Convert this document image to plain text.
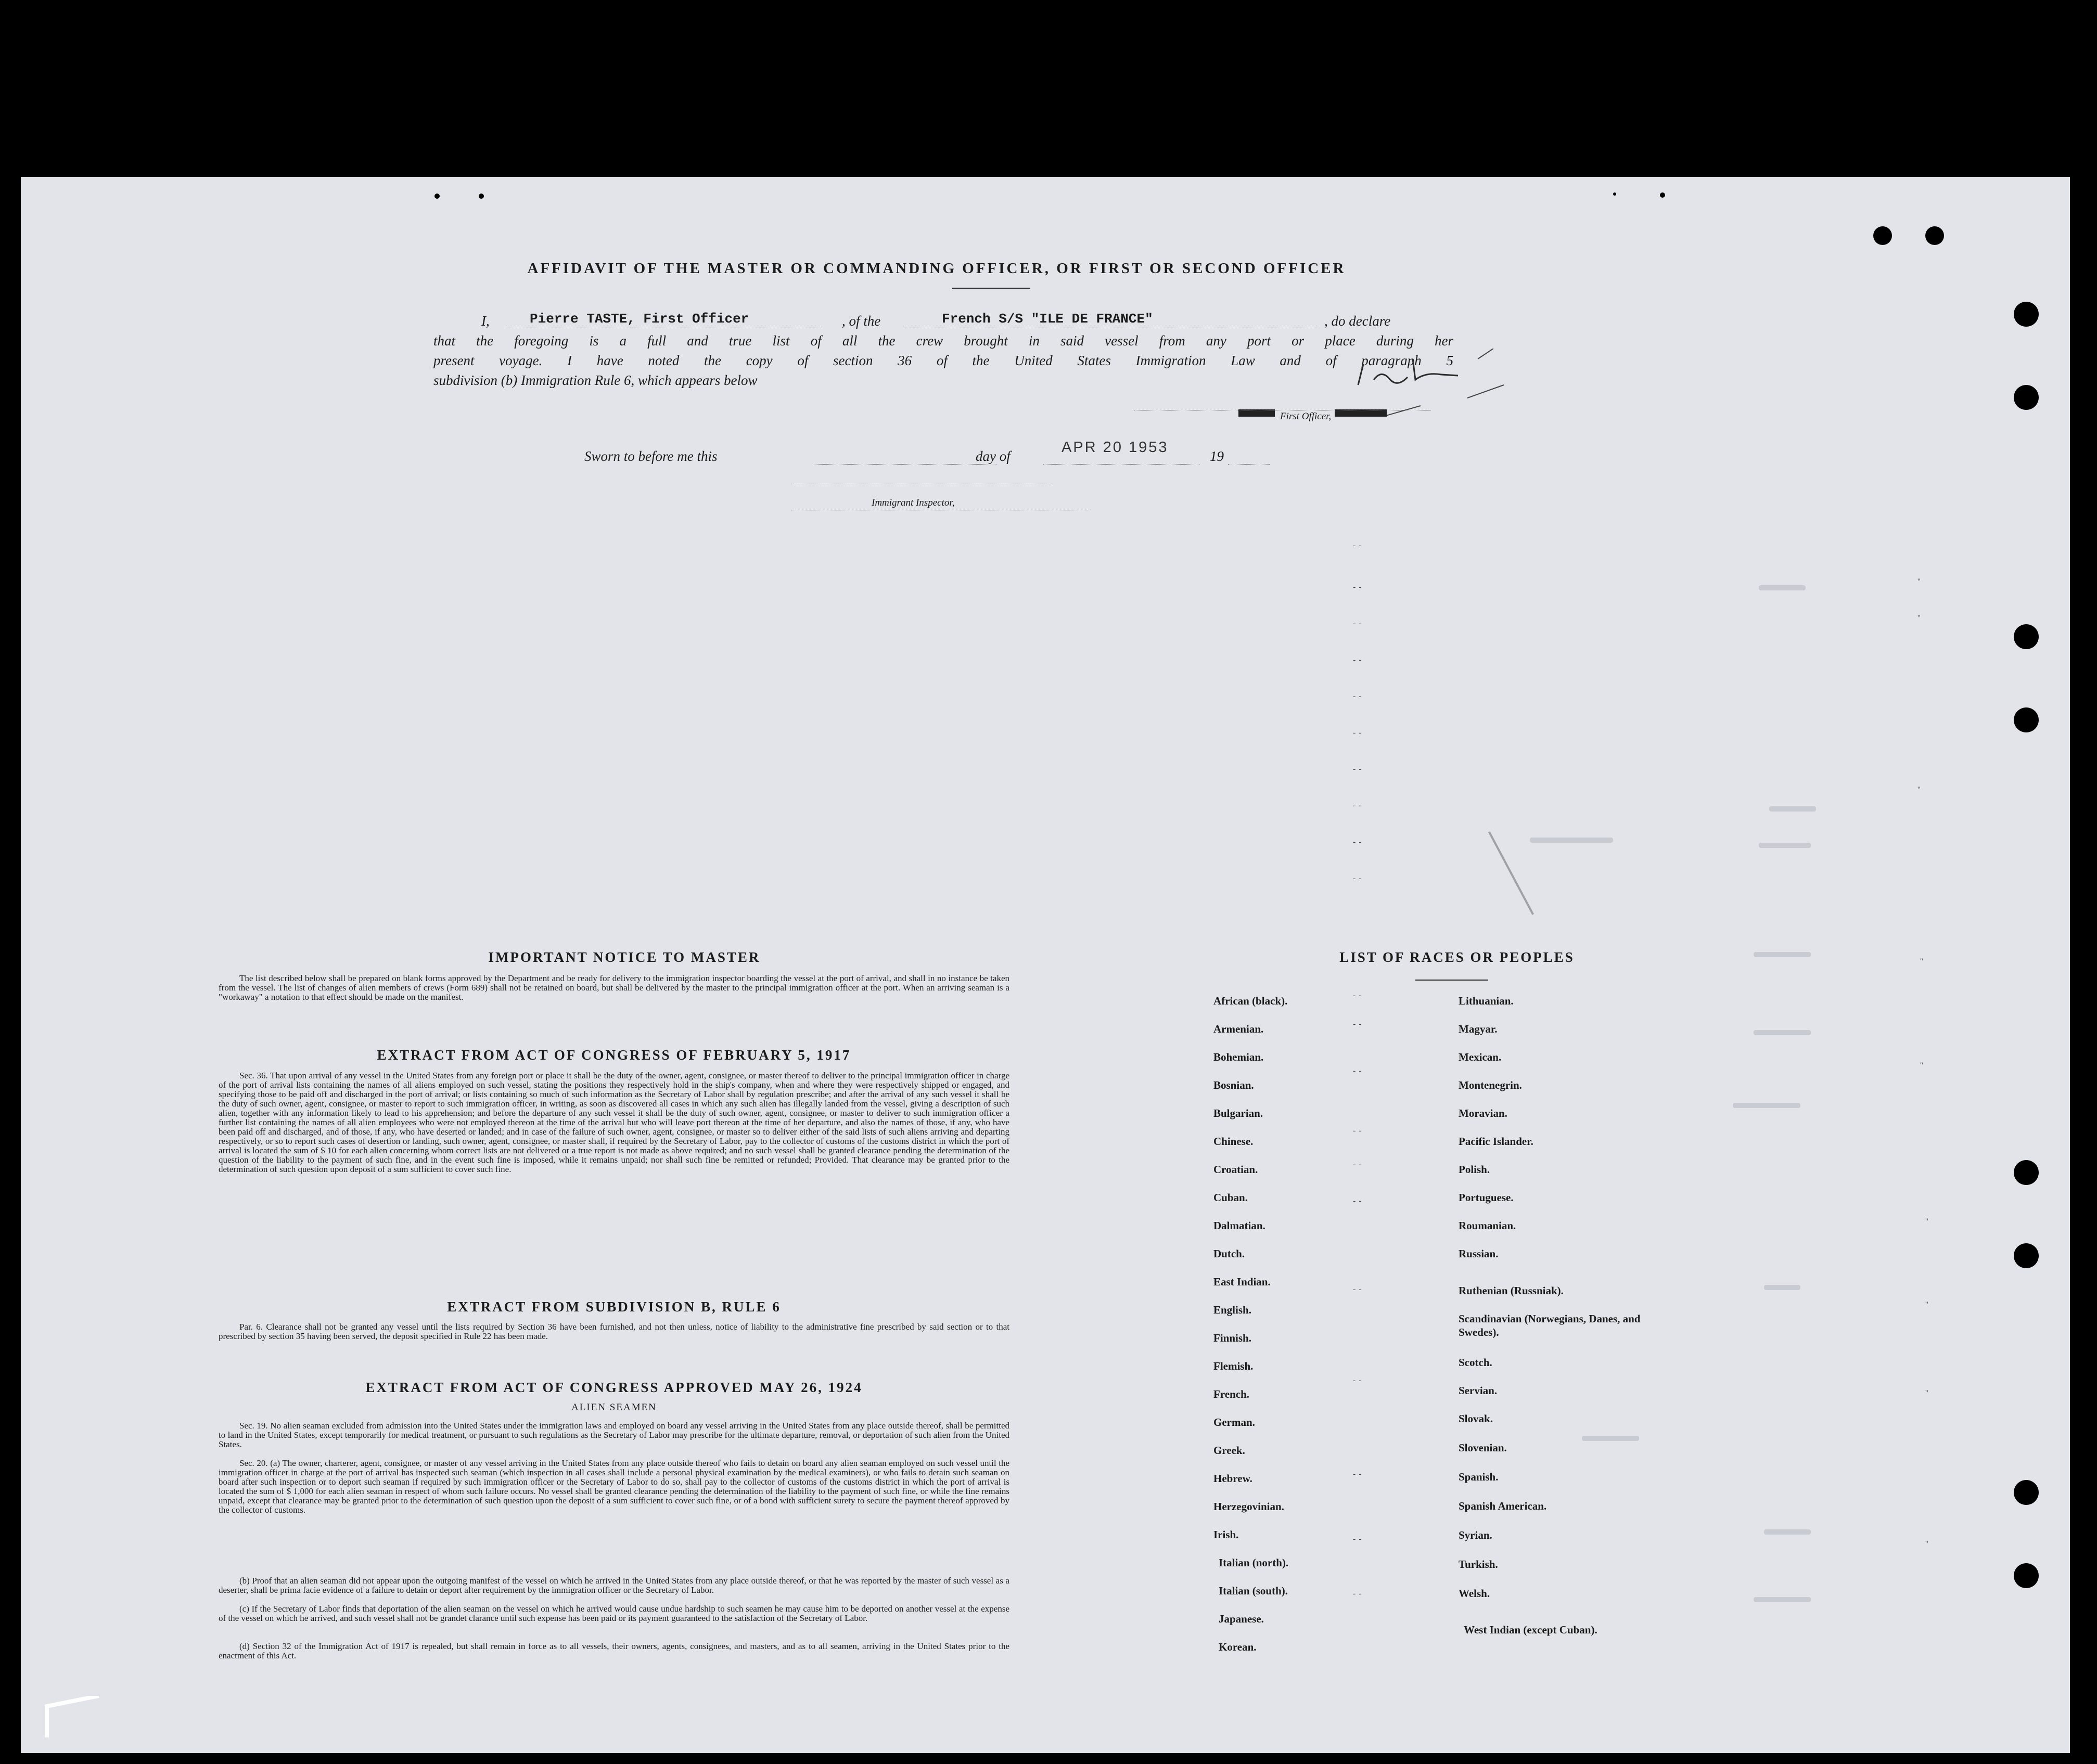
AFFIDAVIT OF THE MASTER OR COMMANDING OFFICER, OR FIRST OR SECOND OFFICER
I,	Pierre TASTE, First Officer	, of the	French S/S "ILE DE FRANCE"	, do declare
that the foregoing is a full and true list of all the crew brought in said vessel from any port or place during her
present voyage. I have noted the copy of section 36 of the United States Immigration Law and of paragraph 5
subdivision (b) Immigration Rule 6, which appears below
First Officer,
Sworn to before me this	day of
APR 20 1953
19
Immigrant Inspector,
--
--
--
--
--
--
--
--
--
--
''
''
''
''
''
''
''
''
''
IMPORTANT NOTICE TO MASTER
The list described below shall be prepared on blank forms approved by the Department and be ready for delivery to the immigration inspector boarding the vessel at the port of arrival, and shall in no instance be taken from the vessel. The list of changes of alien members of crews (Form 689) shall not be retained on board, but shall be delivered by the master to the principal immigration officer at the port. When an arriving seaman is a "workaway" a notation to that effect should be made on the manifest.
EXTRACT FROM ACT OF CONGRESS OF FEBRUARY 5, 1917
Sec. 36. That upon arrival of any vessel in the United States from any foreign port or place it shall be the duty of the owner, agent, consignee, or master thereof to deliver to the principal immigration officer in charge of the port of arrival lists containing the names of all aliens employed on such vessel, stating the positions they respectively hold in the ship's company, when and where they were respectively shipped or engaged, and specifying those to be paid off and discharged in the port of arrival; or lists containing so much of such information as the Secretary of Labor shall by regulation prescribe; and after the arrival of any such vessel it shall be the duty of such owner, agent, consignee, or master to report to such immigration officer, in writing, as soon as discovered all cases in which any such alien has illegally landed from the vessel, giving a description of such alien, together with any information likely to lead to his apprehension; and before the departure of any such vessel it shall be the duty of such owner, agent, consignee, or master to deliver to such immigration officer a further list containing the names of all alien employees who were not employed thereon at the time of the arrival but who will leave port thereon at the time of her departure, and also the names of those, if any, who have been paid off and discharged, and of those, if any, who have deserted or landed; and in case of the failure of such owner, agent, consignee, or master so to deliver either of the said lists of such aliens arriving and departing respectively, or so to report such cases of desertion or landing, such owner, agent, consignee, or master shall, if required by the Secretary of Labor, pay to the collector of customs of the customs district in which the port of arrival is located the sum of $ 10 for each alien concerning whom correct lists are not delivered or a true report is not made as above required; and no such vessel shall be granted clearance pending the determination of the question of the liability to the payment of such fine, and in the event such fine is imposed, while it remains unpaid; nor shall such fine be remitted or refunded; Provided. That clearance may be granted prior to the determination of such question upon deposit of a sum sufficient to cover such fine.
EXTRACT FROM SUBDIVISION B, RULE 6
Par. 6. Clearance shall not be granted any vessel until the lists required by Section 36 have been furnished, and not then unless, notice of liability to the administrative fine prescribed by said section or to that prescribed by section 35 having been served, the deposit specified in Rule 22 has been made.
EXTRACT FROM ACT OF CONGRESS APPROVED MAY 26, 1924
ALIEN SEAMEN
Sec. 19. No alien seaman excluded from admission into the United States under the immigration laws and employed on board any vessel arriving in the United States from any place outside thereof, shall be permitted to land in the United States, except temporarily for medical treatment, or pursuant to such regulations as the Secretary of Labor may prescribe for the ultimate departure, removal, or deportation of such alien from the United States.
Sec. 20. (a) The owner, charterer, agent, consignee, or master of any vessel arriving in the United States from any place outside thereof who fails to detain on board any alien seaman employed on such vessel until the immigration officer in charge at the port of arrival has inspected such seaman (which inspection in all cases shall include a personal physical examination by the medical examiners), or who fails to detain such seaman on board after such inspection or to deport such seaman if required by such immigration officer or the Secretary of Labor to do so, shall pay to the collector of customs of the customs district in which the port of arrival is located the sum of $ 1,000 for each alien seaman in respect of whom such failure occurs. No vessel shall be granted clearance pending the determination of the liability to the payment of such fine, or while the fine remains unpaid, except that clearance may be granted prior to the determination of such question upon the deposit of a sum sufficient to cover such fine, or of a bond with sufficient surety to secure the payment thereof approved by the collector of customs.
(b) Proof that an alien seaman did not appear upon the outgoing manifest of the vessel on which he arrived in the United States from any place outside thereof, or that he was reported by the master of such vessel as a deserter, shall be prima facie evidence of a failure to detain or deport after requirement by the immigration officer or the Secretary of Labor.
(c) If the Secretary of Labor finds that deportation of the alien seaman on the vessel on which he arrived would cause undue hardship to such seamen he may cause him to be deported on another vessel at the expense of the vessel on which he arrived, and such vessel shall not be grandet clarance until such expense has been paid or its payment guaranteed to the satisfaction of the Secretary of Labor.
(d) Section 32 of the Immigration Act of 1917 is repealed, but shall remain in force as to all vessels, their owners, agents, consignees, and masters, and as to all seamen, arriving in the United States prior to the enactment of this Act.
LIST OF RACES OR PEOPLES
African (black).
Armenian.
Bohemian.
Bosnian.
Bulgarian.
Chinese.
Croatian.
Cuban.
Dalmatian.
Dutch.
East Indian.
English.
Finnish.
Flemish.
French.
German.
Greek.
Hebrew.
Herzegovinian.
Irish.
Italian (north).
Italian (south).
Japanese.
Korean.
Lithuanian.
Magyar.
Mexican.
Montenegrin.
Moravian.
Pacific Islander.
Polish.
Portuguese.
Roumanian.
Russian.
Ruthenian (Russniak).
Scandinavian (Norwegians, Danes, and Swedes).
Scotch.
Servian.
Slovak.
Slovenian.
Spanish.
Spanish American.
Syrian.
Turkish.
Welsh.
West Indian (except Cuban).
--
--
--
--
--
--
--
--
--
--
--
